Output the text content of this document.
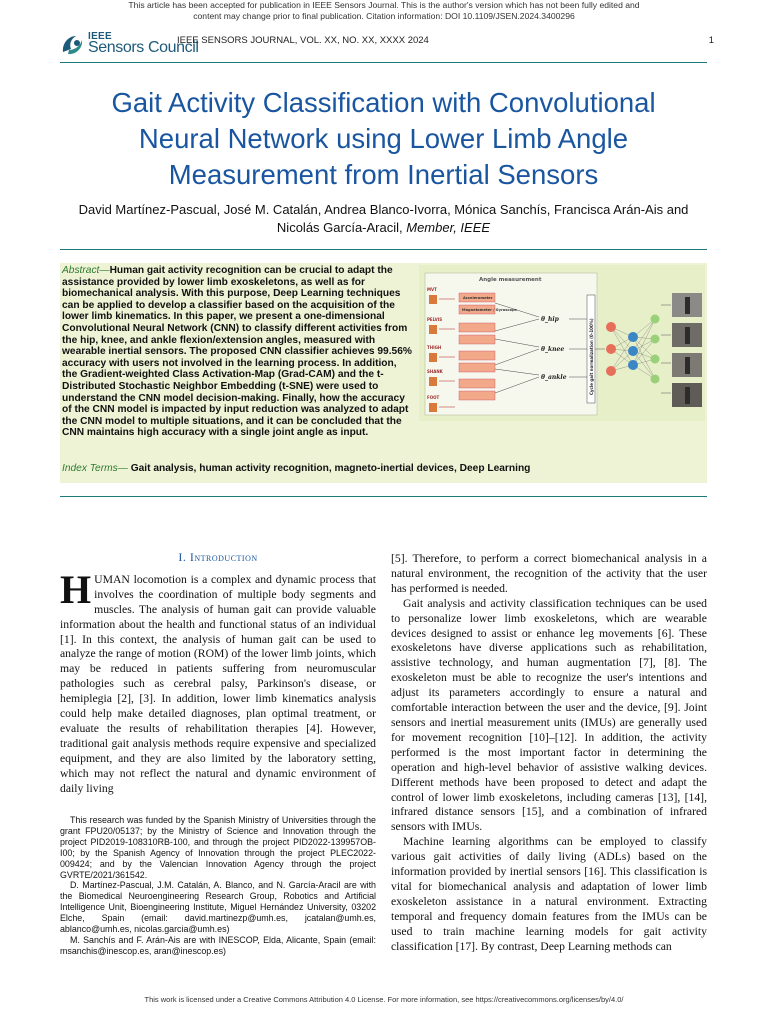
This article has been accepted for publication in IEEE Sensors Journal. This is the author's version which has not been fully edited and
content may change prior to final publication. Citation information: DOI 10.1109/JSEN.2024.3400296
IEEE
Sensors Council
IEEE SENSORS JOURNAL, VOL. XX, NO. XX, XXXX 2024	1
Gait Activity Classification with Convolutional
Neural Network using Lower Limb Angle
Measurement from Inertial Sensors
David Martínez-Pascual, José M. Catalán, Andrea Blanco-Ivorra, Mónica Sanchís, Francisca Arán-Ais and
Nicolás García-Aracil, Member, IEEE
Angle measurement
MVT
PELVIS
THIGH
SHANK
FOOT
Accelerometer
Magnetometer / Gyroscope
θ_hip
θ_knee
θ_ankle	Cycle gait normalization (0-100%)
Abstract—Human gait activity recognition can be crucial to adapt the assistance provided by lower limb exoskeletons, as well as for biomechanical analysis. With this purpose, Deep Learning techniques can be applied to develop a classifier based on the acquisition of the lower limb kinematics. In this paper, we present a one-dimensional Convolutional Neural Network (CNN) to classify different activities from the hip, knee, and ankle flexion/extension angles, measured with wearable inertial sensors. The proposed CNN classifier achieves 99.56% accuracy with users not involved in the learning process. In addition, the Gradient-weighted Class Activation-Map (Grad-CAM) and the t-Distributed Stochastic Neighbor Embedding (t-SNE) were used to understand the CNN model decision-making. Finally, how the accuracy of the CNN model is impacted by input reduction was analyzed to adapt the CNN model to multiple situations, and it can be concluded that the CNN maintains high accuracy with a single joint angle as input.
Index Terms— Gait analysis, human activity recognition, magneto-inertial devices, Deep Learning
I. Introduction

HUMAN locomotion is a complex and dynamic process that involves the coordination of multiple body segments and muscles. The analysis of human gait can provide valuable information about the health and functional status of an individual [1]. In this context, the analysis of human gait can be used to analyze the range of motion (ROM) of the lower limb joints, which may be reduced in patients suffering from neuromuscular pathologies such as cerebral palsy, Parkinson's disease, or hemiplegia [2], [3]. In addition, lower limb kinematics analysis could help make detailed diagnoses, plan optimal treatment, or evaluate the results of rehabilitation therapies [4]. However, traditional gait analysis methods require expensive and specialized equipment, and they are also limited by the laboratory setting, which may not reflect the natural and dynamic environment of daily living

This research was funded by the Spanish Ministry of Universities through the grant FPU20/05137; by the Ministry of Science and Innovation through the project PID2019-108310RB-100, and through the project PID2022-139957OB-I00; by the Spanish Agency of Innovation through the project PLEC2022-009424; and by the Valencian Innovation Agency through the project GVRTE/2021/361542.

D. Martínez-Pascual, J.M. Catalán, A. Blanco, and N. García-Aracil are with the Biomedical Neuroengineering Research Group, Robotics and Artificial Intelligence Unit, Bioengineering Institute, Miguel Hernández University, 03202 Elche, Spain (email: david.martinezp@umh.es, jcatalan@umh.es, ablanco@umh.es, nicolas.garcia@umh.es)

M. Sanchís and F. Arán-Ais are with INESCOP, Elda, Alicante, Spain (email: msanchis@inescop.es, aran@inescop.es)

[5]. Therefore, to perform a correct biomechanical analysis in a natural environment, the recognition of the activity that the user has performed is needed.

Gait analysis and activity classification techniques can be used to personalize lower limb exoskeletons, which are wearable devices designed to assist or enhance leg movements [6]. These exoskeletons have diverse applications such as rehabilitation, assistive technology, and human augmentation [7], [8]. The exoskeleton must be able to recognize the user's intentions and adjust its parameters accordingly to ensure a natural and comfortable interaction between the user and the device, [9]. Joint sensors and inertial measurement units (IMUs) are generally used for movement recognition [10]–[12]. In addition, the activity performed is the most important factor in determining the operation and high-level behavior of assistive walking devices. Different methods have been proposed to detect and adapt the control of lower limb exoskeletons, including cameras [13], [14], infrared distance sensors [15], and a combination of infrared sensors with IMUs.

Machine learning algorithms can be employed to classify various gait activities of daily living (ADLs) based on the information provided by inertial sensors [16]. This classification is vital for biomechanical analysis and adaptation of lower limb exoskeleton assistance in a natural environment. Extracting temporal and frequency domain features from the IMUs can be used to train machine learning models for gait activity classification [17]. By contrast, Deep Learning methods can

This work is licensed under a Creative Commons Attribution 4.0 License. For more information, see https://creativecommons.org/licenses/by/4.0/
